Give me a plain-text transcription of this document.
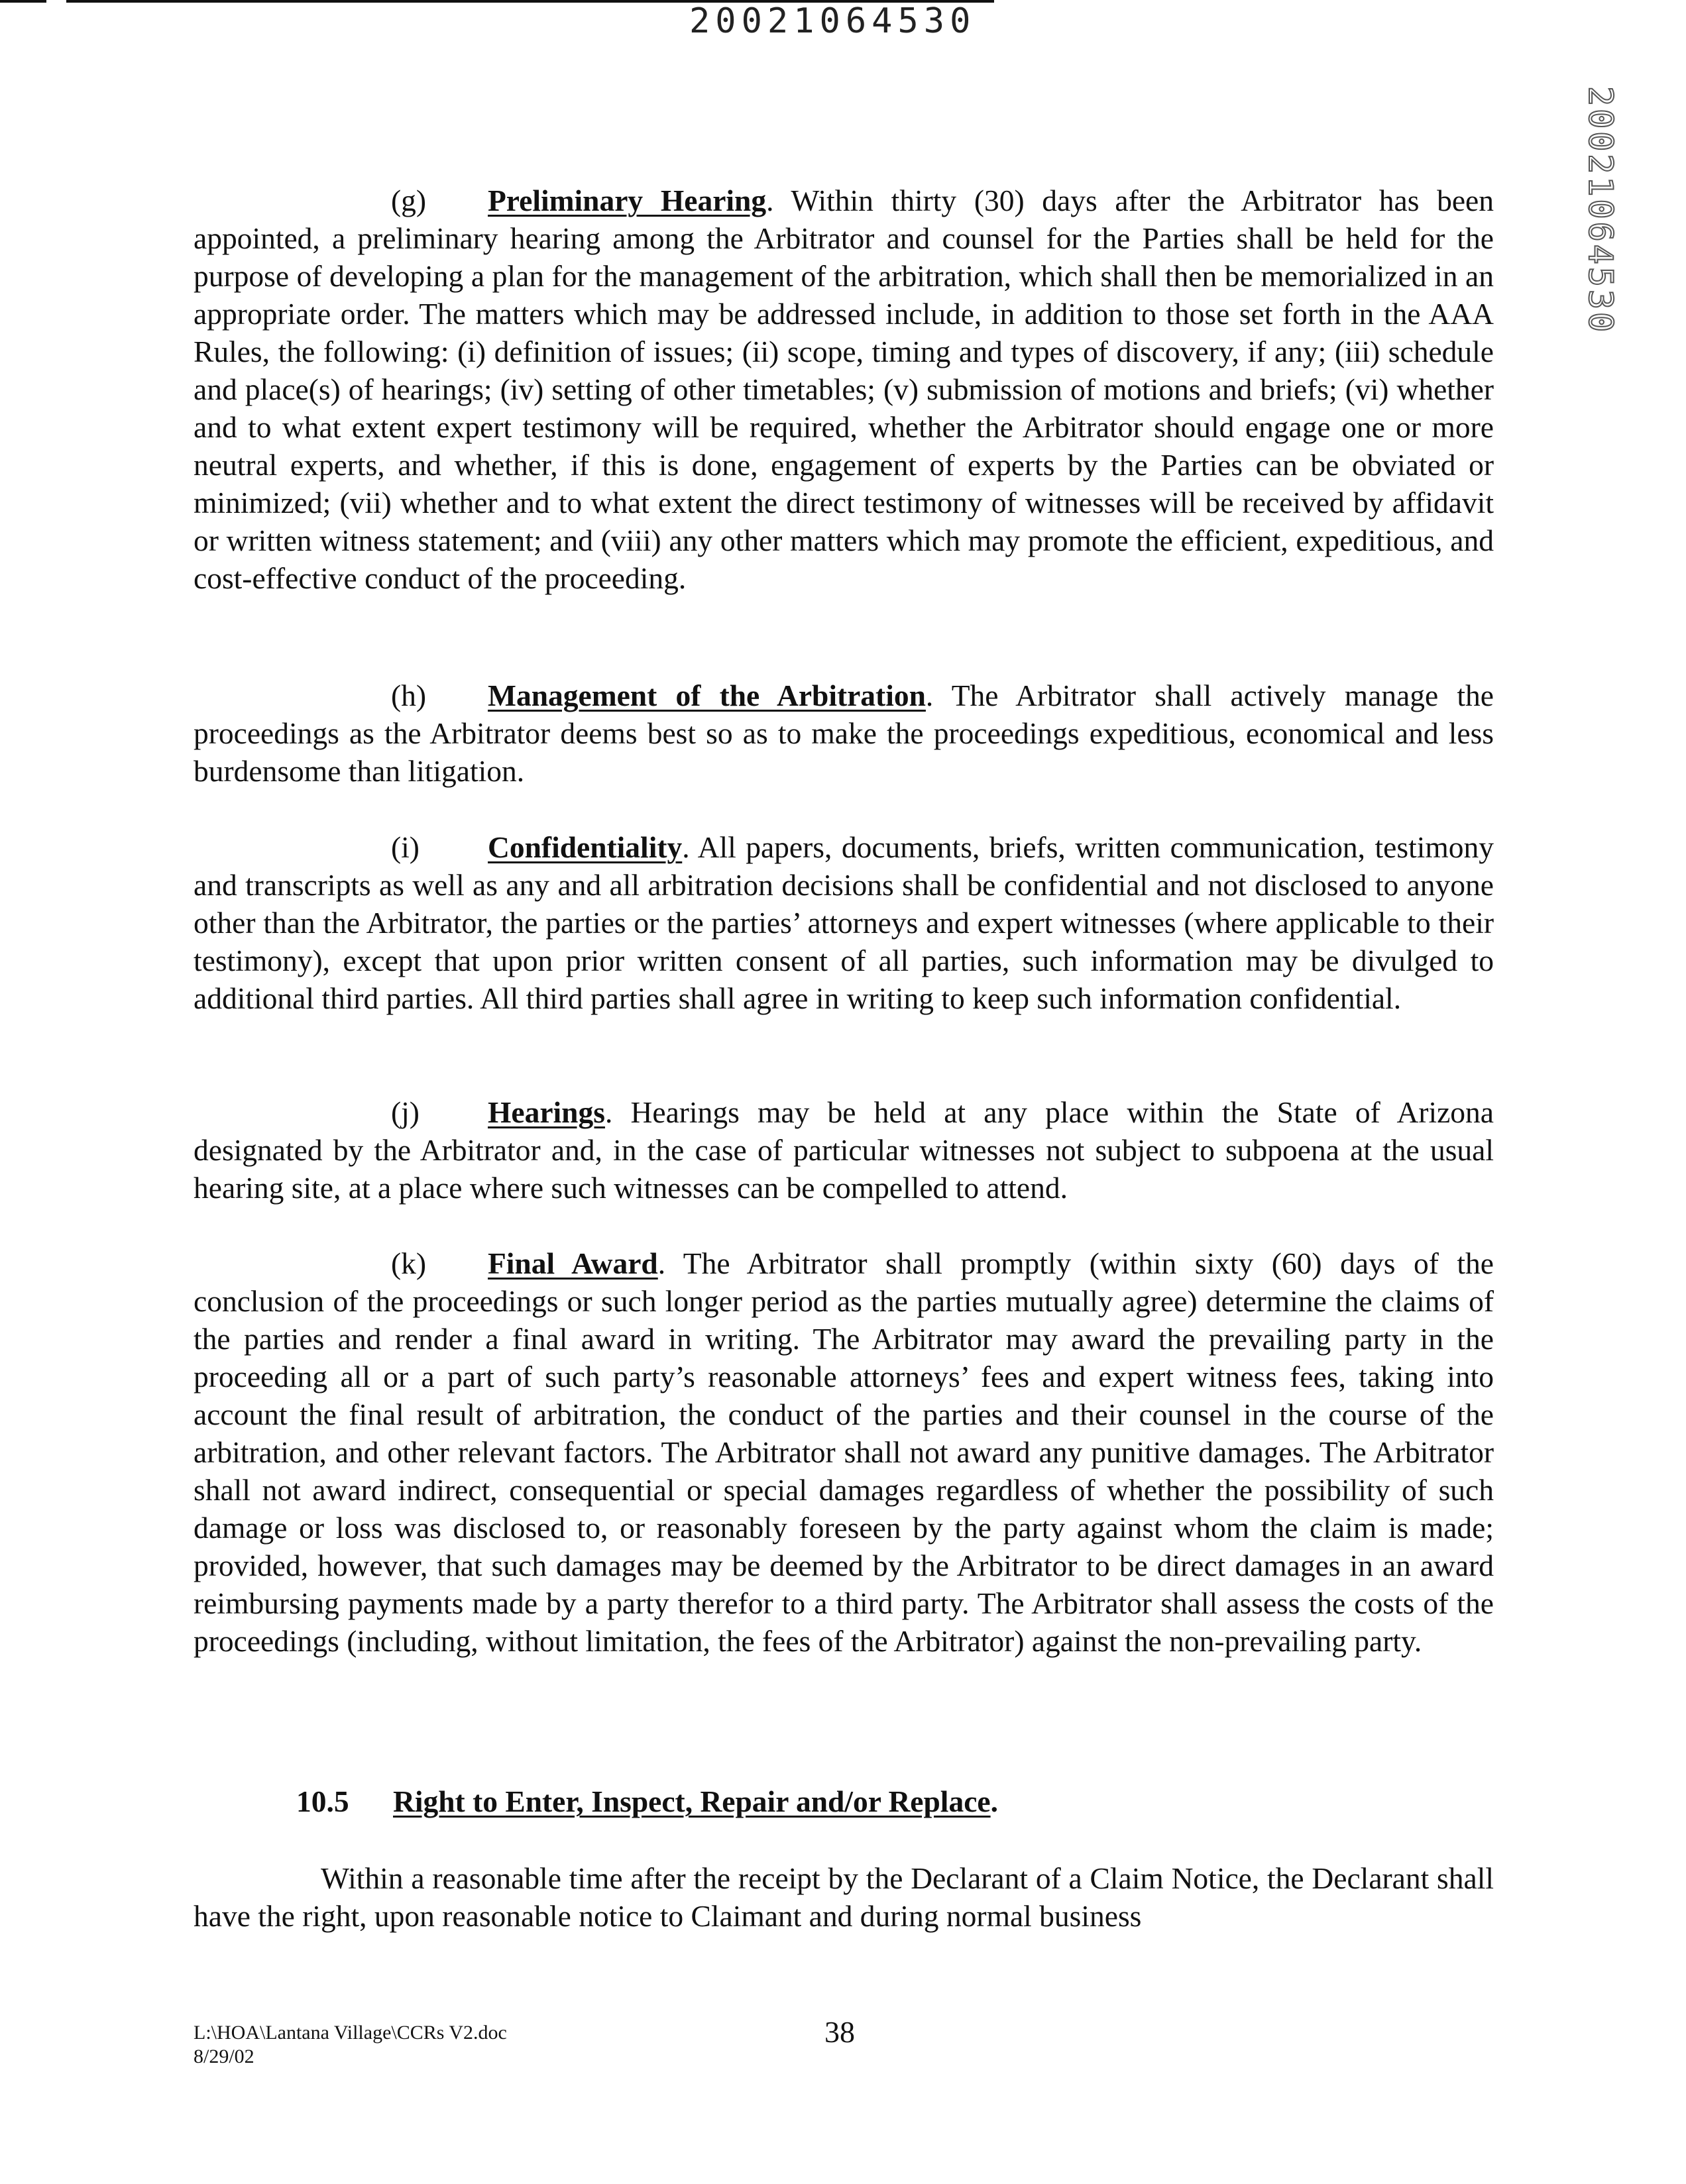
20021064530
20021064530

(g) Preliminary Hearing. Within thirty (30) days after the Arbitrator has been appointed, a preliminary hearing among the Arbitrator and counsel for the Parties shall be held for the purpose of developing a plan for the management of the arbitration, which shall then be memorialized in an appropriate order. The matters which may be addressed include, in addition to those set forth in the AAA Rules, the following: (i) definition of issues; (ii) scope, timing and types of discovery, if any; (iii) schedule and place(s) of hearings; (iv) setting of other timetables; (v) submission of motions and briefs; (vi) whether and to what extent expert testimony will be required, whether the Arbitrator should engage one or more neutral experts, and whether, if this is done, engagement of experts by the Parties can be obviated or minimized; (vii) whether and to what extent the direct testimony of witnesses will be received by affidavit or written witness statement; and (viii) any other matters which may promote the efficient, expeditious, and cost-effective conduct of the proceeding.

(h) Management of the Arbitration. The Arbitrator shall actively manage the proceedings as the Arbitrator deems best so as to make the proceedings expeditious, economical and less burdensome than litigation.

(i) Confidentiality. All papers, documents, briefs, written communication, testimony and transcripts as well as any and all arbitration decisions shall be confidential and not disclosed to anyone other than the Arbitrator, the parties or the parties’ attorneys and expert witnesses (where applicable to their testimony), except that upon prior written consent of all parties, such information may be divulged to additional third parties. All third parties shall agree in writing to keep such information confidential.

(j) Hearings. Hearings may be held at any place within the State of Arizona designated by the Arbitrator and, in the case of particular witnesses not subject to subpoena at the usual hearing site, at a place where such witnesses can be compelled to attend.

(k) Final Award. The Arbitrator shall promptly (within sixty (60) days of the conclusion of the proceedings or such longer period as the parties mutually agree) determine the claims of the parties and render a final award in writing. The Arbitrator may award the prevailing party in the proceeding all or a part of such party’s reasonable attorneys’ fees and expert witness fees, taking into account the final result of arbitration, the conduct of the parties and their counsel in the course of the arbitration, and other relevant factors. The Arbitrator shall not award any punitive damages. The Arbitrator shall not award indirect, consequential or special damages regardless of whether the possibility of such damage or loss was disclosed to, or reasonably foreseen by the party against whom the claim is made; provided, however, that such damages may be deemed by the Arbitrator to be direct damages in an award reimbursing payments made by a party therefor to a third party. The Arbitrator shall assess the costs of the proceedings (including, without limitation, the fees of the Arbitrator) against the non-prevailing party.

10.5 Right to Enter, Inspect, Repair and/or Replace.

Within a reasonable time after the receipt by the Declarant of a Claim Notice, the Declarant shall have the right, upon reasonable notice to Claimant and during normal business

L:\HOA\Lantana Village\CCRs V2.doc
8/29/02
38
